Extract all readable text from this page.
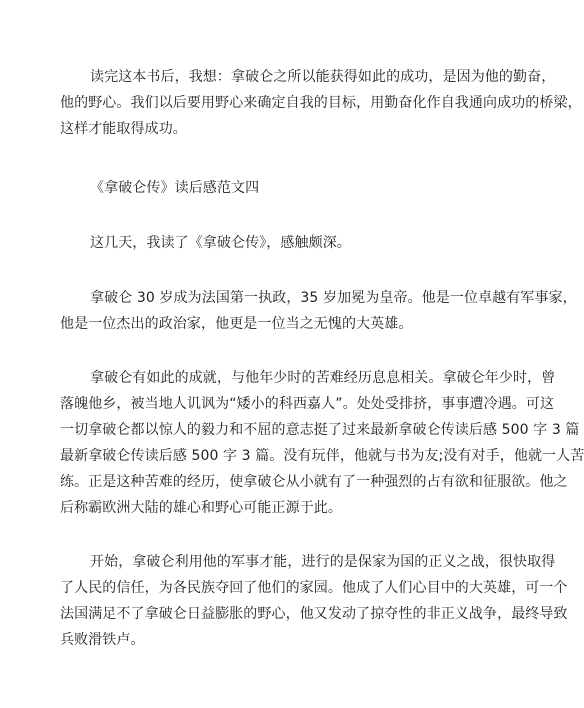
读完这本书后，我想：拿破仑之所以能获得如此的成功，是因为他的勤奋，
他的野心。我们以后要用野心来确定自我的目标，用勤奋化作自我通向成功的桥梁，
这样才能取得成功。

《拿破仑传》读后感范文四

这几天，我读了《拿破仑传》，感触颇深。

拿破仑 30 岁成为法国第一执政，35 岁加冕为皇帝。他是一位卓越有军事家，
他是一位杰出的政治家，他更是一位当之无愧的大英雄。

拿破仑有如此的成就，与他年少时的苦难经历息息相关。拿破仑年少时，曾
落魄他乡，被当地人讥讽为“矮小的科西嘉人”。处处受排挤，事事遭冷遇。可这
一切拿破仑都以惊人的毅力和不屈的意志挺了过来最新拿破仑传读后感 500 字 3 篇
最新拿破仑传读后感 500 字 3 篇。没有玩伴，他就与书为友;没有对手，他就一人苦
练。正是这种苦难的经历，使拿破仑从小就有了一种强烈的占有欲和征服欲。他之
后称霸欧洲大陆的雄心和野心可能正源于此。

开始，拿破仑利用他的军事才能，进行的是保家为国的正义之战，很快取得
了人民的信任，为各民族夺回了他们的家园。他成了人们心目中的大英雄，可一个
法国满足不了拿破仑日益膨胀的野心，他又发动了掠夺性的非正义战争，最终导致
兵败滑铁卢。
